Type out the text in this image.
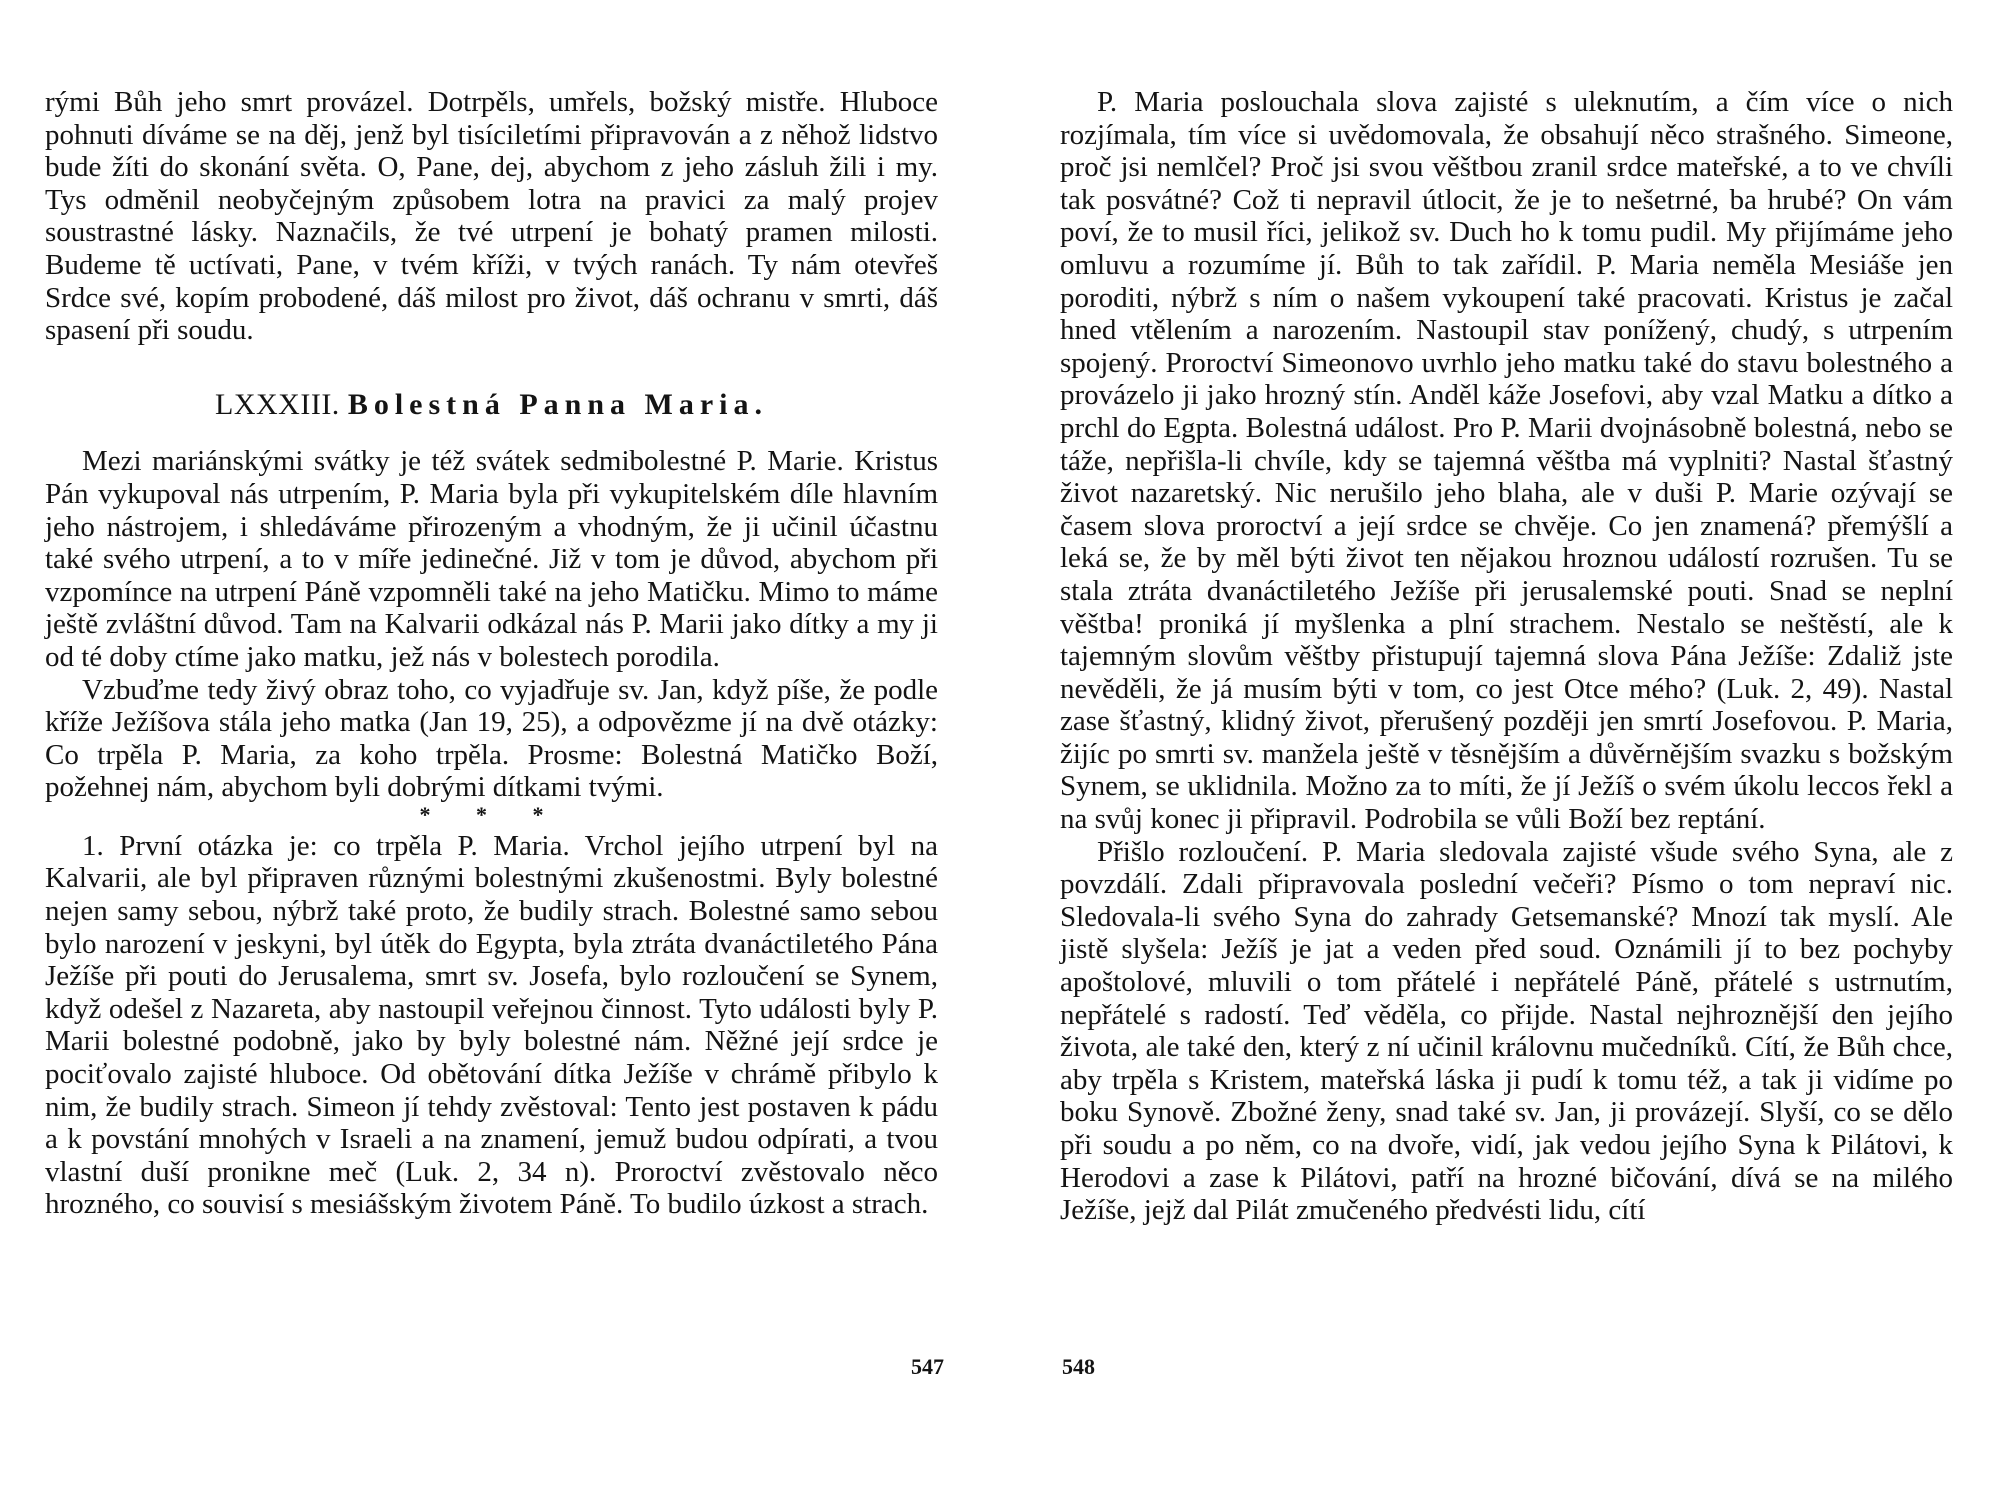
rými Bůh jeho smrt provázel. Dotrpěls, umřels, božský mistře. Hluboce pohnuti díváme se na děj, jenž byl tisíciletími připravován a z něhož lidstvo bude žíti do skonání světa. O, Pane, dej, abychom z jeho zásluh žili i my. Tys odměnil neobyčejným způsobem lotra na pravici za malý projev soustrastné lásky. Naznačils, že tvé utrpení je bohatý pramen milosti. Budeme tě uctívati, Pane, v tvém kříži, v tvých ranách. Ty nám otevřeš Srdce své, kopím probodené, dáš milost pro život, dáš ochranu v smrti, dáš spasení při soudu.

LXXXIII. Bolestná Panna Maria.

Mezi mariánskými svátky je též svátek sedmibolestné P. Marie. Kristus Pán vykupoval nás utrpením, P. Maria byla při vykupitelském díle hlavním jeho nástrojem, i shledáváme přirozeným a vhodným, že ji učinil účastnu také svého utrpení, a to v míře jedinečné. Již v tom je důvod, abychom při vzpomínce na utrpení Páně vzpomněli také na jeho Matičku. Mimo to máme ještě zvláštní důvod. Tam na Kalvarii odkázal nás P. Marii jako dítky a my ji od té doby ctíme jako matku, jež nás v bolestech porodila.

Vzbuďme tedy živý obraz toho, co vyjadřuje sv. Jan, když píše, že podle kříže Ježíšova stála jeho matka (Jan 19, 25), a odpovězme jí na dvě otázky: Co trpěla P. Maria, za koho trpěla. Prosme: Bolestná Matičko Boží, požehnej nám, abychom byli dobrými dítkami tvými.

* * *

1. První otázka je: co trpěla P. Maria. Vrchol jejího utrpení byl na Kalvarii, ale byl připraven různými bolestnými zkušenostmi. Byly bolestné nejen samy sebou, nýbrž také proto, že budily strach. Bolestné samo sebou bylo narození v jeskyni, byl útěk do Egypta, byla ztráta dvanáctiletého Pána Ježíše při pouti do Jerusalema, smrt sv. Josefa, bylo rozloučení se Synem, když odešel z Nazareta, aby nastoupil veřejnou činnost. Tyto události byly P. Marii bolestné podobně, jako by byly bolestné nám. Něžné její srdce je pociťovalo zajisté hluboce. Od obětování dítka Ježíše v chrámě přibylo k nim, že budily strach. Simeon jí tehdy zvěstoval: Tento jest postaven k pádu a k povstání mnohých v Israeli a na znamení, jemuž budou odpírati, a tvou vlastní duší pronikne meč (Luk. 2, 34 n). Proroctví zvěstovalo něco hrozného, co souvisí s mesiášským životem Páně. To budilo úzkost a strach.

547

P. Maria poslouchala slova zajisté s uleknutím, a čím více o nich rozjímala, tím více si uvědomovala, že obsahují něco strašného. Simeone, proč jsi nemlčel? Proč jsi svou věštbou zranil srdce mateřské, a to ve chvíli tak posvátné? Což ti nepravil útlocit, že je to nešetrné, ba hrubé? On vám poví, že to musil říci, jelikož sv. Duch ho k tomu pudil. My přijímáme jeho omluvu a rozumíme jí. Bůh to tak zařídil. P. Maria neměla Mesiáše jen poroditi, nýbrž s ním o našem vykoupení také pracovati. Kristus je začal hned vtělením a narozením. Nastoupil stav ponížený, chudý, s utrpením spojený. Proroctví Simeonovo uvrhlo jeho matku také do stavu bolestného a provázelo ji jako hrozný stín. Anděl káže Josefovi, aby vzal Matku a dítko a prchl do Egpta. Bolestná událost. Pro P. Marii dvojnásobně bolestná, nebo se táže, nepřišla-li chvíle, kdy se tajemná věštba má vyplniti? Nastal šťastný život nazaretský. Nic nerušilo jeho blaha, ale v duši P. Marie ozývají se časem slova proroctví a její srdce se chvěje. Co jen znamená? přemýšlí a leká se, že by měl býti život ten nějakou hroznou událostí rozrušen. Tu se stala ztráta dvanáctiletého Ježíše při jerusalemské pouti. Snad se neplní věštba! proniká jí myšlenka a plní strachem. Nestalo se neštěstí, ale k tajemným slovům věštby přistupují tajemná slova Pána Ježíše: Zdaliž jste nevěděli, že já musím býti v tom, co jest Otce mého? (Luk. 2, 49). Nastal zase šťastný, klidný život, přerušený později jen smrtí Josefovou. P. Maria, žijíc po smrti sv. manžela ještě v těsnějším a důvěrnějším svazku s božským Synem, se uklidnila. Možno za to míti, že jí Ježíš o svém úkolu leccos řekl a na svůj konec ji připravil. Podrobila se vůli Boží bez reptání.

Přišlo rozloučení. P. Maria sledovala zajisté všude svého Syna, ale z povzdálí. Zdali připravovala poslední večeři? Písmo o tom nepraví nic. Sledovala-li svého Syna do zahrady Getsemanské? Mnozí tak myslí. Ale jistě slyšela: Ježíš je jat a veden před soud. Oznámili jí to bez pochyby apoštolové, mluvili o tom přátelé i nepřátelé Páně, přátelé s ustrnutím, nepřátelé s radostí. Teď věděla, co přijde. Nastal nejhroznější den jejího života, ale také den, který z ní učinil královnu mučedníků. Cítí, že Bůh chce, aby trpěla s Kristem, mateřská láska ji pudí k tomu též, a tak ji vidíme po boku Synově. Zbožné ženy, snad také sv. Jan, ji provázejí. Slyší, co se dělo při soudu a po něm, co na dvoře, vidí, jak vedou jejího Syna k Pilátovi, k Herodovi a zase k Pilátovi, patří na hrozné bičování, dívá se na milého Ježíše, jejž dal Pilát zmučeného předvésti lidu, cítí

548
